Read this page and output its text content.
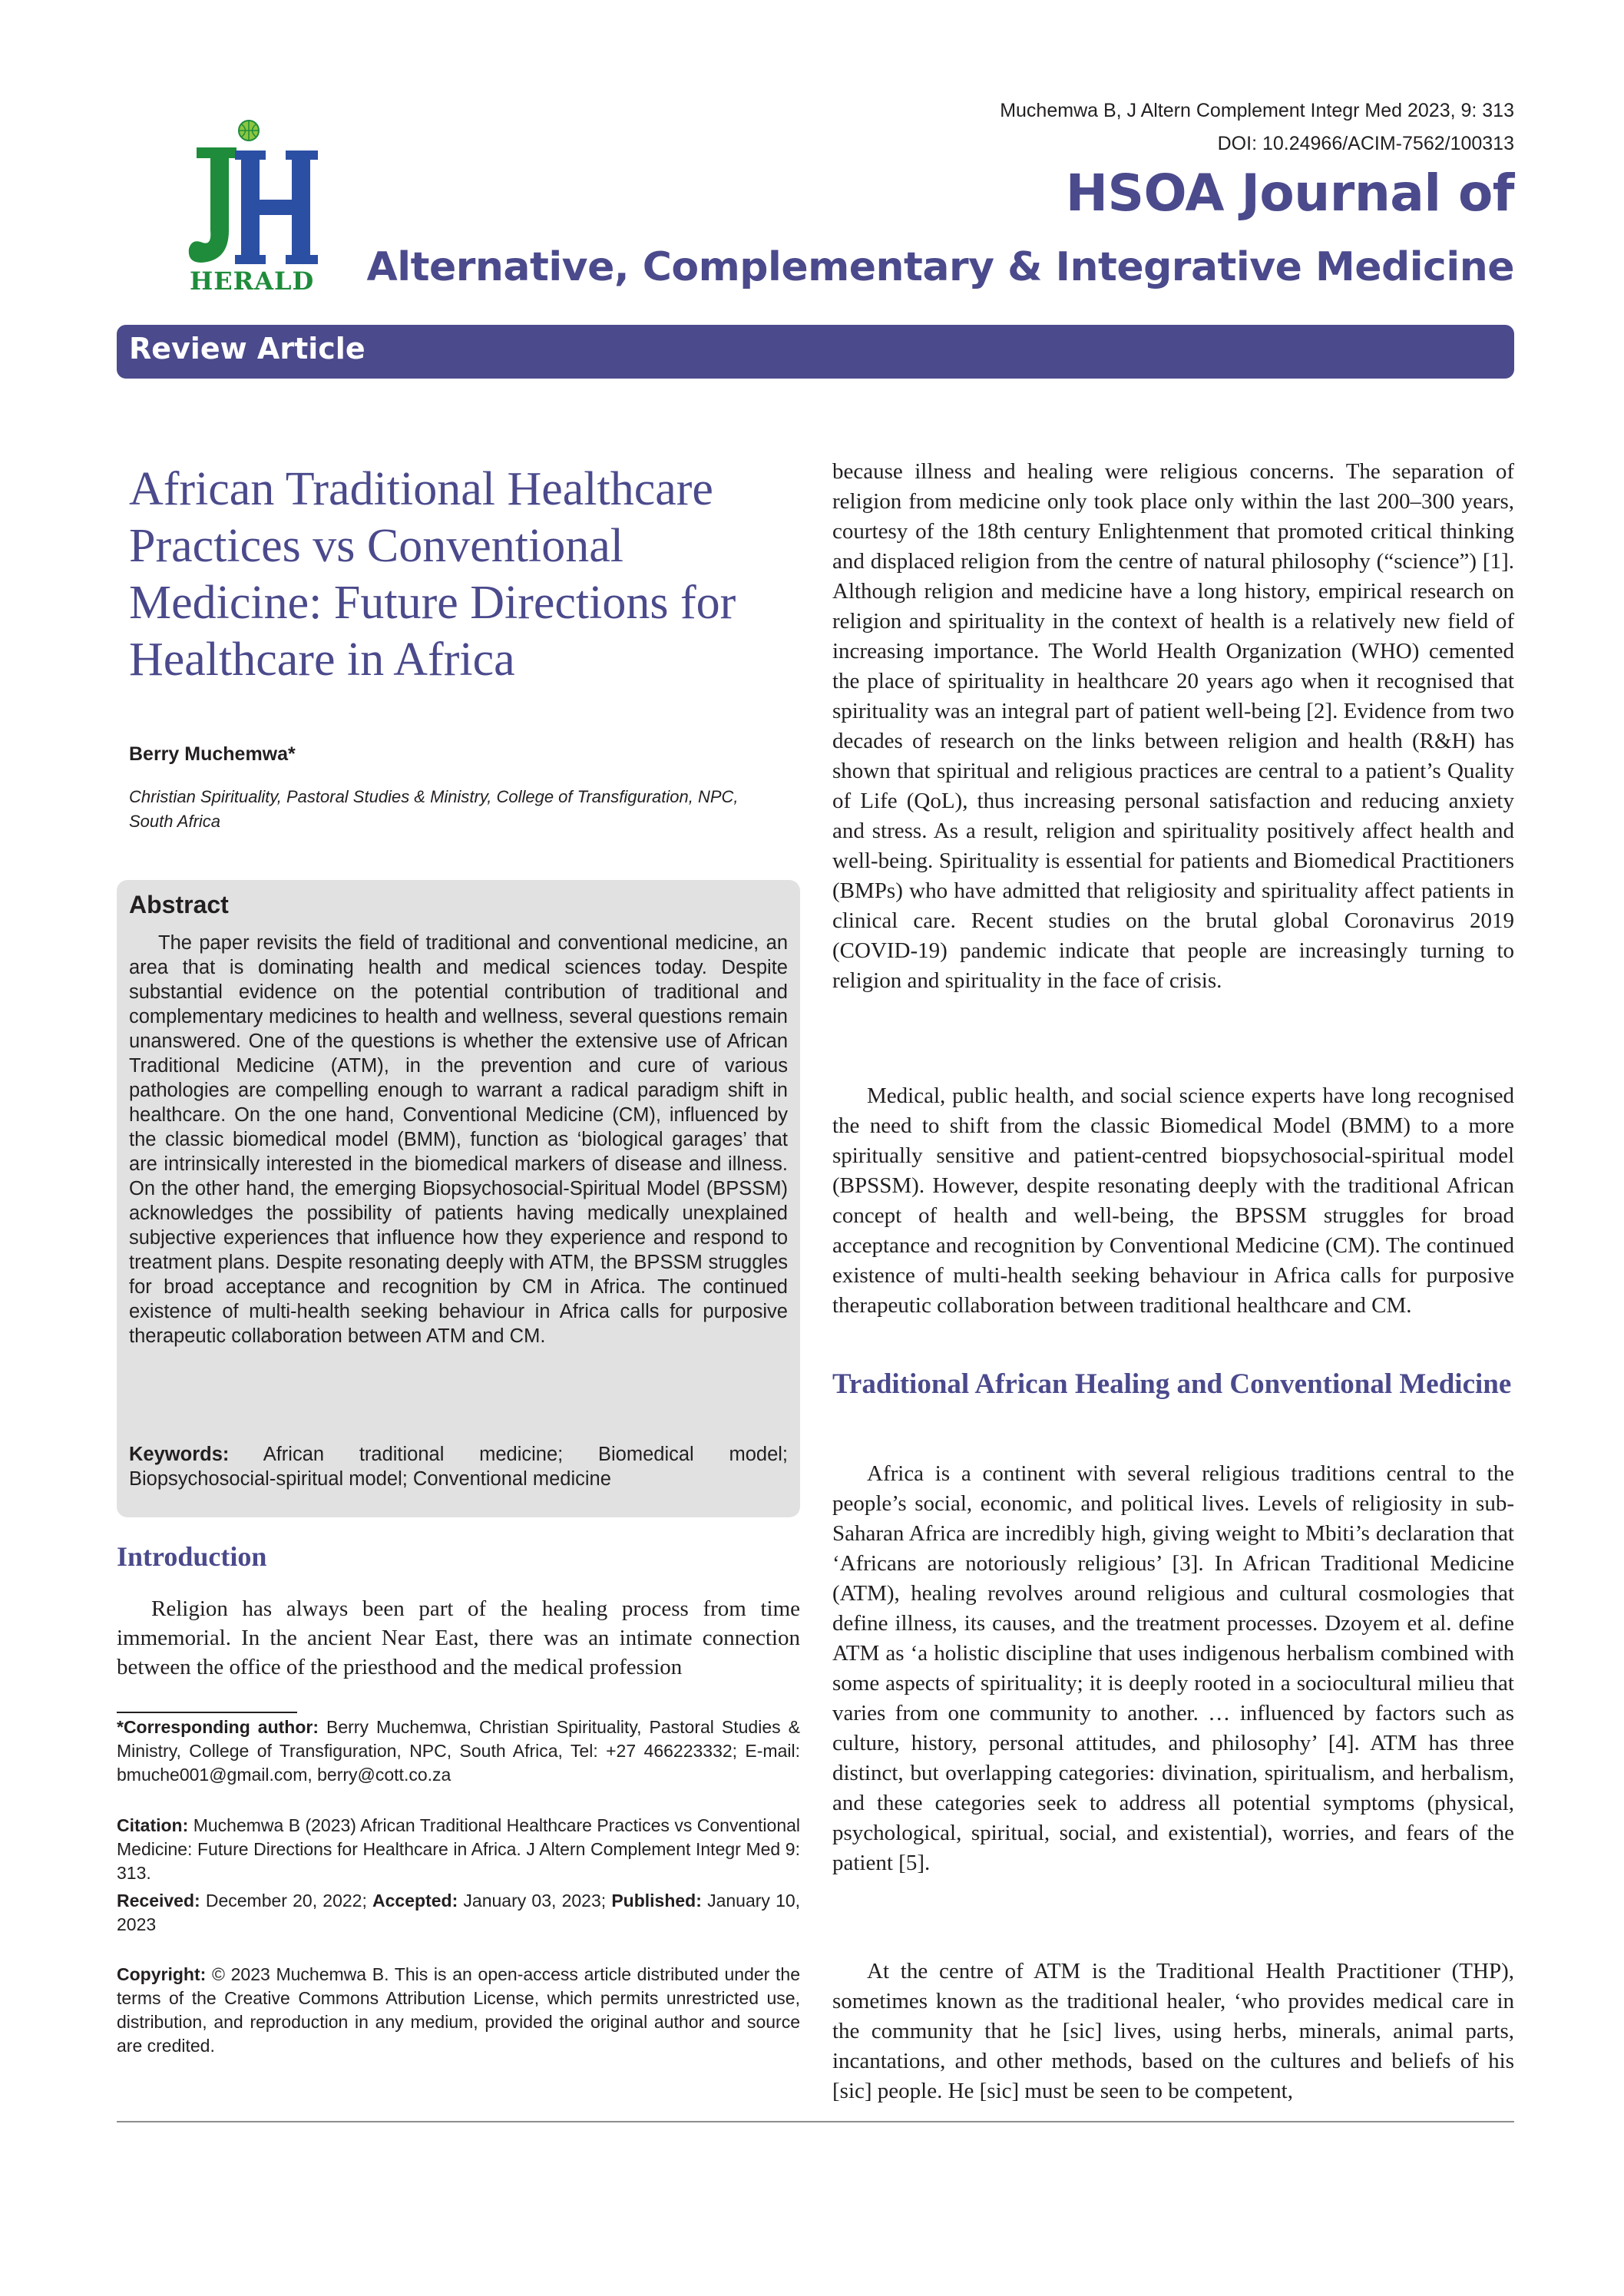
HERALD
Muchemwa B, J Altern Complement Integr Med 2023, 9: 313
DOI: 10.24966/ACIM-7562/100313
HSOA Journal of
Alternative, Complementary & Integrative Medicine
Review Article
African Traditional Healthcare Practices vs Conventional Medicine: Future Directions for Healthcare in Africa
Berry Muchemwa*
Christian Spirituality, Pastoral Studies & Ministry, College of Transfiguration, NPC, South Africa
Abstract

The paper revisits the field of traditional and conventional medicine, an area that is dominating health and medical sciences today. Despite substantial evidence on the potential contribution of traditional and complementary medicines to health and wellness, several questions remain unanswered. One of the questions is whether the extensive use of African Traditional Medicine (ATM), in the prevention and cure of various pathologies are compelling enough to warrant a radical paradigm shift in healthcare. On the one hand, Conventional Medicine (CM), influenced by the classic biomedical model (BMM), function as ‘biological garages’ that are intrinsically interested in the biomedical markers of disease and illness. On the other hand, the emerging Biopsychosocial-Spiritual Model (BPSSM) acknowledges the possibility of patients having medically unexplained subjective experiences that influence how they experience and respond to treatment plans. Despite resonating deeply with ATM, the BPSSM struggles for broad acceptance and recognition by CM in Africa. The continued existence of multi-health seeking behaviour in Africa calls for purposive therapeutic collaboration between ATM and CM.

Keywords: African traditional medicine; Biomedical model; Biopsychosocial-spiritual model; Conventional medicine

Introduction

Religion has always been part of the healing process from time immemorial. In the ancient Near East, there was an intimate connection between the office of the priesthood and the medical profession

*Corresponding author: Berry Muchemwa, Christian Spirituality, Pastoral Studies & Ministry, College of Transfiguration, NPC, South Africa, Tel: +27 466223332; E-mail: bmuche001@gmail.com, berry@cott.co.za

Citation: Muchemwa B (2023) African Traditional Healthcare Practices vs Conventional Medicine: Future Directions for Healthcare in Africa. J Altern Complement Integr Med 9: 313.

Received: December 20, 2022; Accepted: January 03, 2023; Published: January 10, 2023

Copyright: © 2023 Muchemwa B. This is an open-access article distributed under the terms of the Creative Commons Attribution License, which permits unrestricted use, distribution, and reproduction in any medium, provided the original author and source are credited.

because illness and healing were religious concerns. The separation of religion from medicine only took place only within the last 200–300 years, courtesy of the 18th century Enlightenment that promoted critical thinking and displaced religion from the centre of natural philosophy (“science”) [1]. Although religion and medicine have a long history, empirical research on religion and spirituality in the context of health is a relatively new field of increasing importance. The World Health Organization (WHO) cemented the place of spirituality in healthcare 20 years ago when it recognised that spirituality was an integral part of patient well-being [2]. Evidence from two decades of research on the links between religion and health (R&H) has shown that spiritual and religious practices are central to a patient’s Quality of Life (QoL), thus increasing personal satisfaction and reducing anxiety and stress. As a result, religion and spirituality positively affect health and well-being. Spirituality is essential for patients and Biomedical Practitioners (BMPs) who have admitted that religiosity and spirituality affect patients in clinical care. Recent studies on the brutal global Coronavirus 2019 (COVID-19) pandemic indicate that people are increasingly turning to religion and spirituality in the face of crisis.

Medical, public health, and social science experts have long recognised the need to shift from the classic Biomedical Model (BMM) to a more spiritually sensitive and patient-centred biopsychosocial-spiritual model (BPSSM). However, despite resonating deeply with the traditional African concept of health and well-being, the BPSSM struggles for broad acceptance and recognition by Conventional Medicine (CM). The continued existence of multi-health seeking behaviour in Africa calls for purposive therapeutic collaboration between traditional healthcare and CM.

Traditional African Healing and Conventional Medicine

Africa is a continent with several religious traditions central to the people’s social, economic, and political lives. Levels of religiosity in sub-Saharan Africa are incredibly high, giving weight to Mbiti’s declaration that ‘Africans are notoriously religious’ [3]. In African Traditional Medicine (ATM), healing revolves around religious and cultural cosmologies that define illness, its causes, and the treatment processes. Dzoyem et al. define ATM as ‘a holistic discipline that uses indigenous herbalism combined with some aspects of spirituality; it is deeply rooted in a sociocultural milieu that varies from one community to another. … influenced by factors such as culture, history, personal attitudes, and philosophy’ [4]. ATM has three distinct, but overlapping categories: divination, spiritualism, and herbalism, and these categories seek to address all potential symptoms (physical, psychological, spiritual, social, and existential), worries, and fears of the patient [5].

At the centre of ATM is the Traditional Health Practitioner (THP), sometimes known as the traditional healer, ‘who provides medical care in the community that he [sic] lives, using herbs, minerals, animal parts, incantations, and other methods, based on the cultures and beliefs of his [sic] people. He [sic] must be seen to be competent,
